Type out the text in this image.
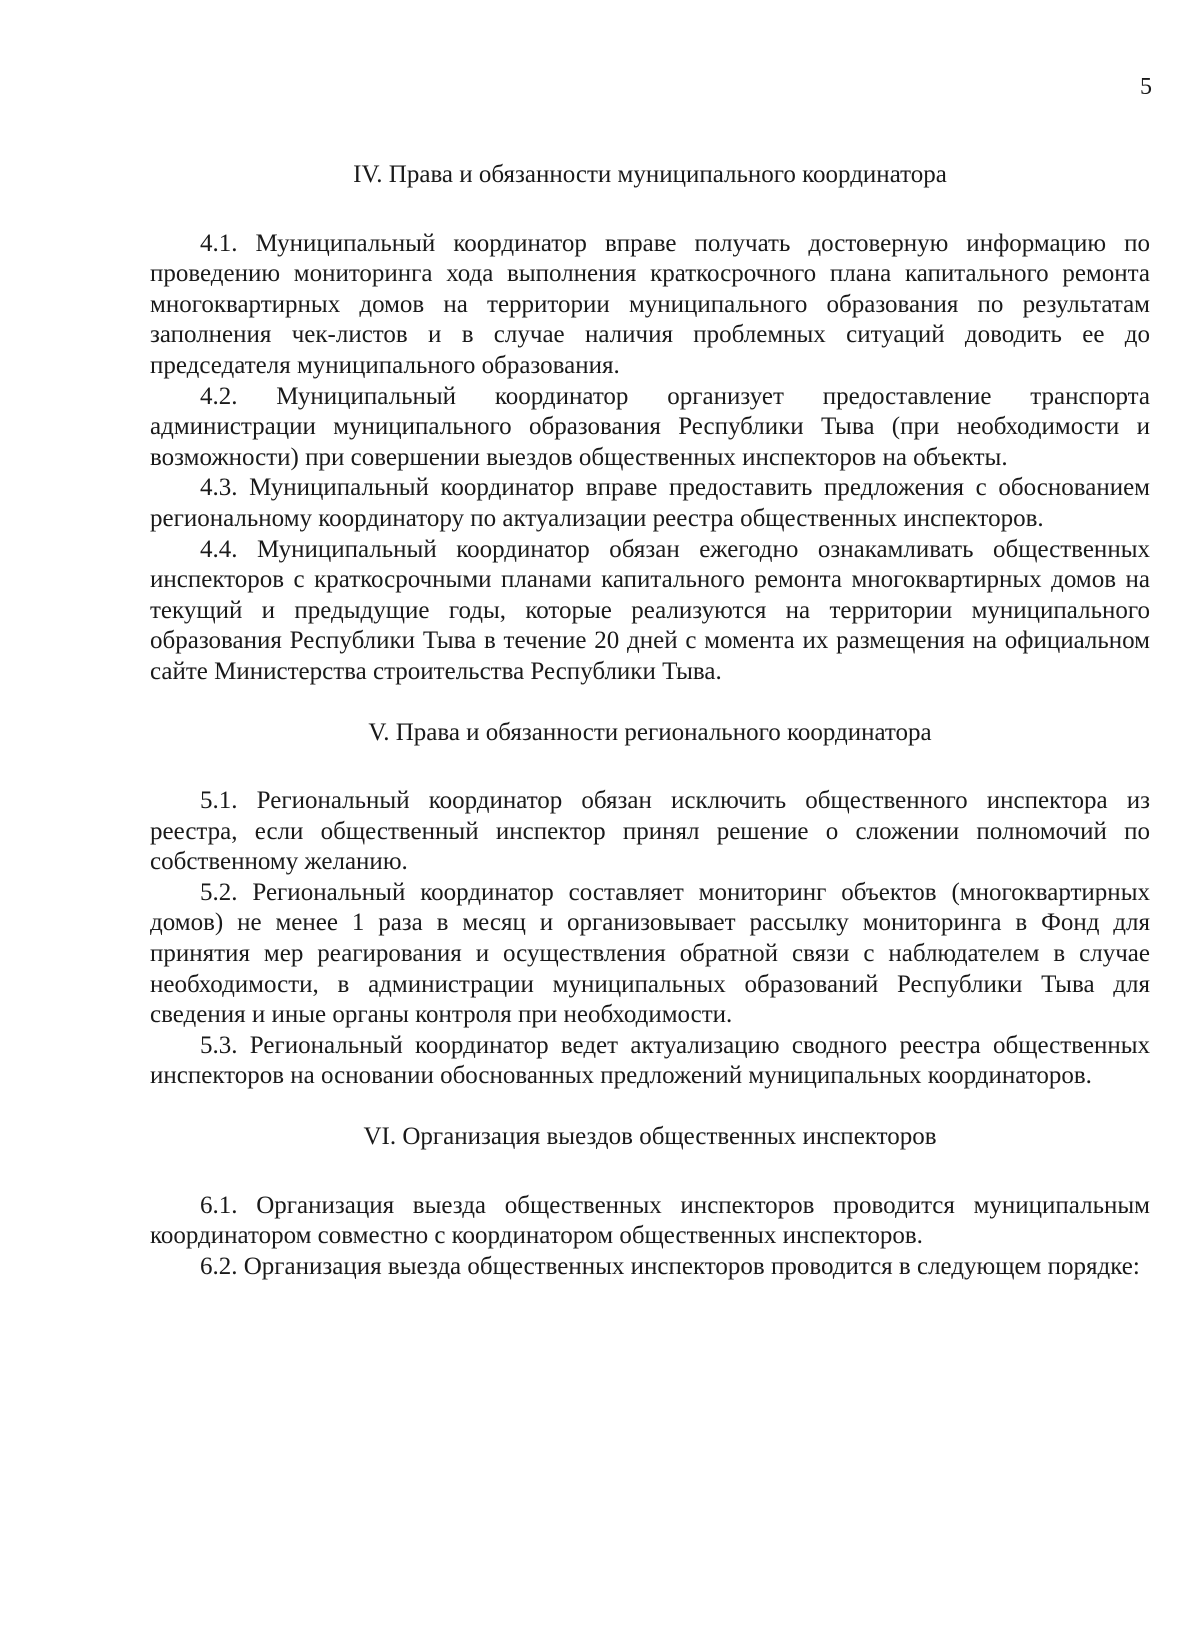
5
IV. Права и обязанности муниципального координатора

4.1. Муниципальный координатор вправе получать достоверную информацию по проведению мониторинга хода выполнения краткосрочного плана капитального ремонта многоквартирных домов на территории муниципального образования по результатам заполнения чек-листов и в случае наличия проблемных ситуаций доводить ее до председателя муниципального образования.

4.2. Муниципальный координатор организует предоставление транспорта администрации муниципального образования Республики Тыва (при необходимости и возможности) при совершении выездов общественных инспекторов на объекты.

4.3. Муниципальный координатор вправе предоставить предложения с обоснованием региональному координатору по актуализации реестра общественных инспекторов.

4.4. Муниципальный координатор обязан ежегодно ознакамливать общественных инспекторов с краткосрочными планами капитального ремонта многоквартирных домов на текущий и предыдущие годы, которые реализуются на территории муниципального образования Республики Тыва в течение 20 дней с момента их размещения на официальном сайте Министерства строительства Республики Тыва.

V. Права и обязанности регионального координатора

5.1. Региональный координатор обязан исключить общественного инспектора из реестра, если общественный инспектор принял решение о сложении полномочий по собственному желанию.

5.2. Региональный координатор составляет мониторинг объектов (многоквартирных домов) не менее 1 раза в месяц и организовывает рассылку мониторинга в Фонд для принятия мер реагирования и осуществления обратной связи с наблюдателем в случае необходимости, в администрации муниципальных образований Республики Тыва для сведения и иные органы контроля при необходимости.

5.3. Региональный координатор ведет актуализацию сводного реестра общественных инспекторов на основании обоснованных предложений муниципальных координаторов.

VI. Организация выездов общественных инспекторов

6.1. Организация выезда общественных инспекторов проводится муниципальным координатором совместно с координатором общественных инспекторов.

6.2. Организация выезда общественных инспекторов проводится в следующем порядке:
